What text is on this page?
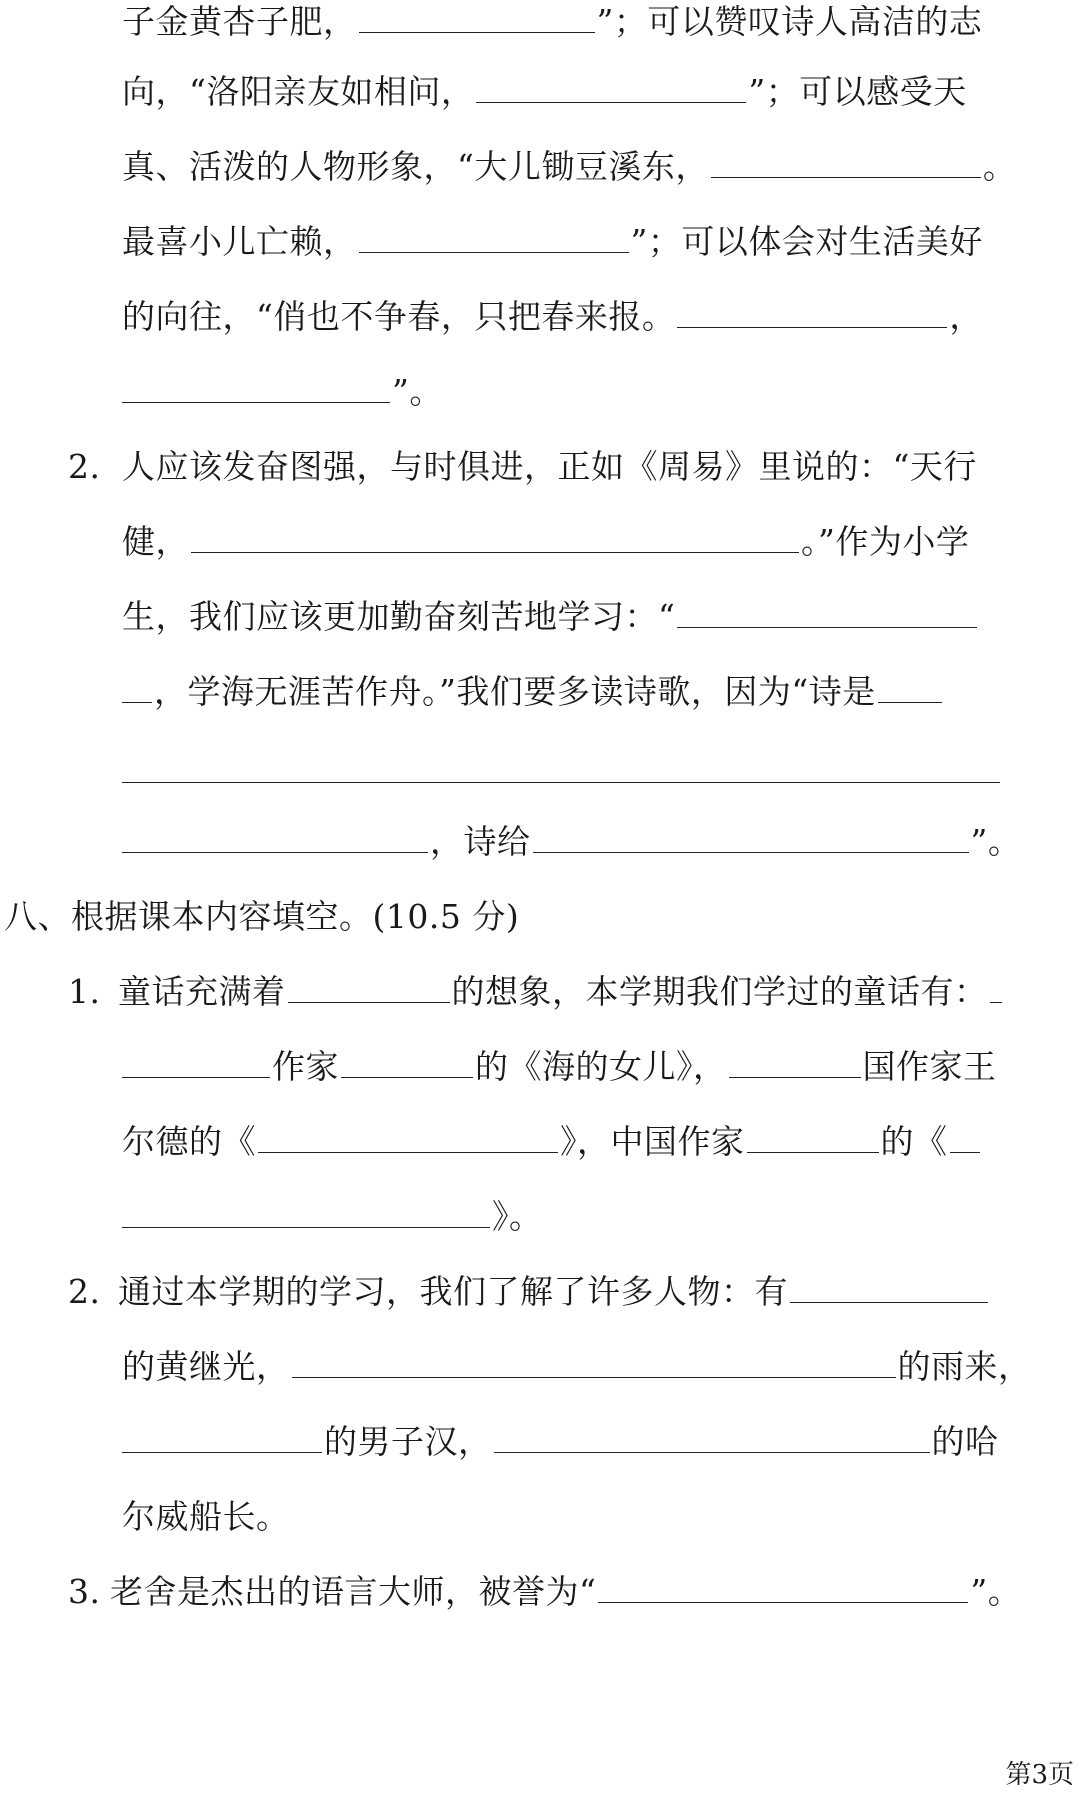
子金黄杏子肥，	”；可以赞叹诗人高洁的志
向，“洛阳亲友如相问，	”；可以感受天
真、活泼的人物形象，“大儿锄豆溪东，	。
最喜小儿亡赖，	”；可以体会对生活美好
的向往，“俏也不争春，只把春来报。	，
”。
2. 人应该发奋图强，与时俱进，正如《周易》里说的：“天行
健，	。”作为小学
生，我们应该更加勤奋刻苦地学习：“
，学海无涯苦作舟。”我们要多读诗歌，因为“诗是
，诗给	”。
八、根据课本内容填空。(10.5 分)
1. 童话充满着	的想象，本学期我们学过的童话有：
作家	的《海的女儿》，	国作家王
尔德的《	》，中国作家	的《
》。
2. 通过本学期的学习，我们了解了许多人物：有
的黄继光，	的雨来，
的男子汉，	的哈
尔威船长。
3. 老舍是杰出的语言大师，被誉为“	”。
第3页
